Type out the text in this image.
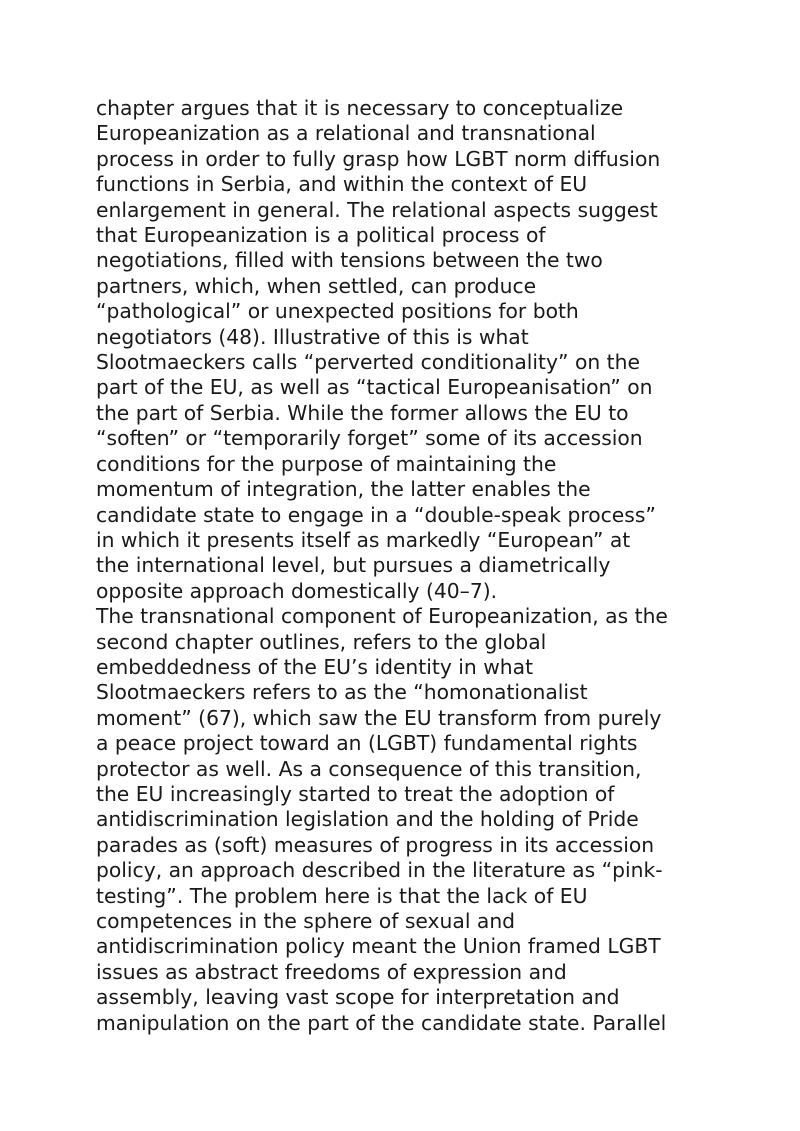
chapter argues that it is necessary to conceptualize
Europeanization as a relational and transnational
process in order to fully grasp how LGBT norm diffusion
functions in Serbia, and within the context of EU
enlargement in general. The relational aspects suggest
that Europeanization is a political process of
negotiations, filled with tensions between the two
partners, which, when settled, can produce
“pathological” or unexpected positions for both
negotiators (48). Illustrative of this is what
Slootmaeckers calls “perverted conditionality” on the
part of the EU, as well as “tactical Europeanisation” on
the part of Serbia. While the former allows the EU to
“soften” or “temporarily forget” some of its accession
conditions for the purpose of maintaining the
momentum of integration, the latter enables the
candidate state to engage in a “double-speak process”
in which it presents itself as markedly “European” at
the international level, but pursues a diametrically
opposite approach domestically (40–7).
The transnational component of Europeanization, as the
second chapter outlines, refers to the global
embeddedness of the EU’s identity in what
Slootmaeckers refers to as the “homonationalist
moment” (67), which saw the EU transform from purely
a peace project toward an (LGBT) fundamental rights
protector as well. As a consequence of this transition,
the EU increasingly started to treat the adoption of
antidiscrimination legislation and the holding of Pride
parades as (soft) measures of progress in its accession
policy, an approach described in the literature as “pink-
testing”. The problem here is that the lack of EU
competences in the sphere of sexual and
antidiscrimination policy meant the Union framed LGBT
issues as abstract freedoms of expression and
assembly, leaving vast scope for interpretation and
manipulation on the part of the candidate state. Parallel
